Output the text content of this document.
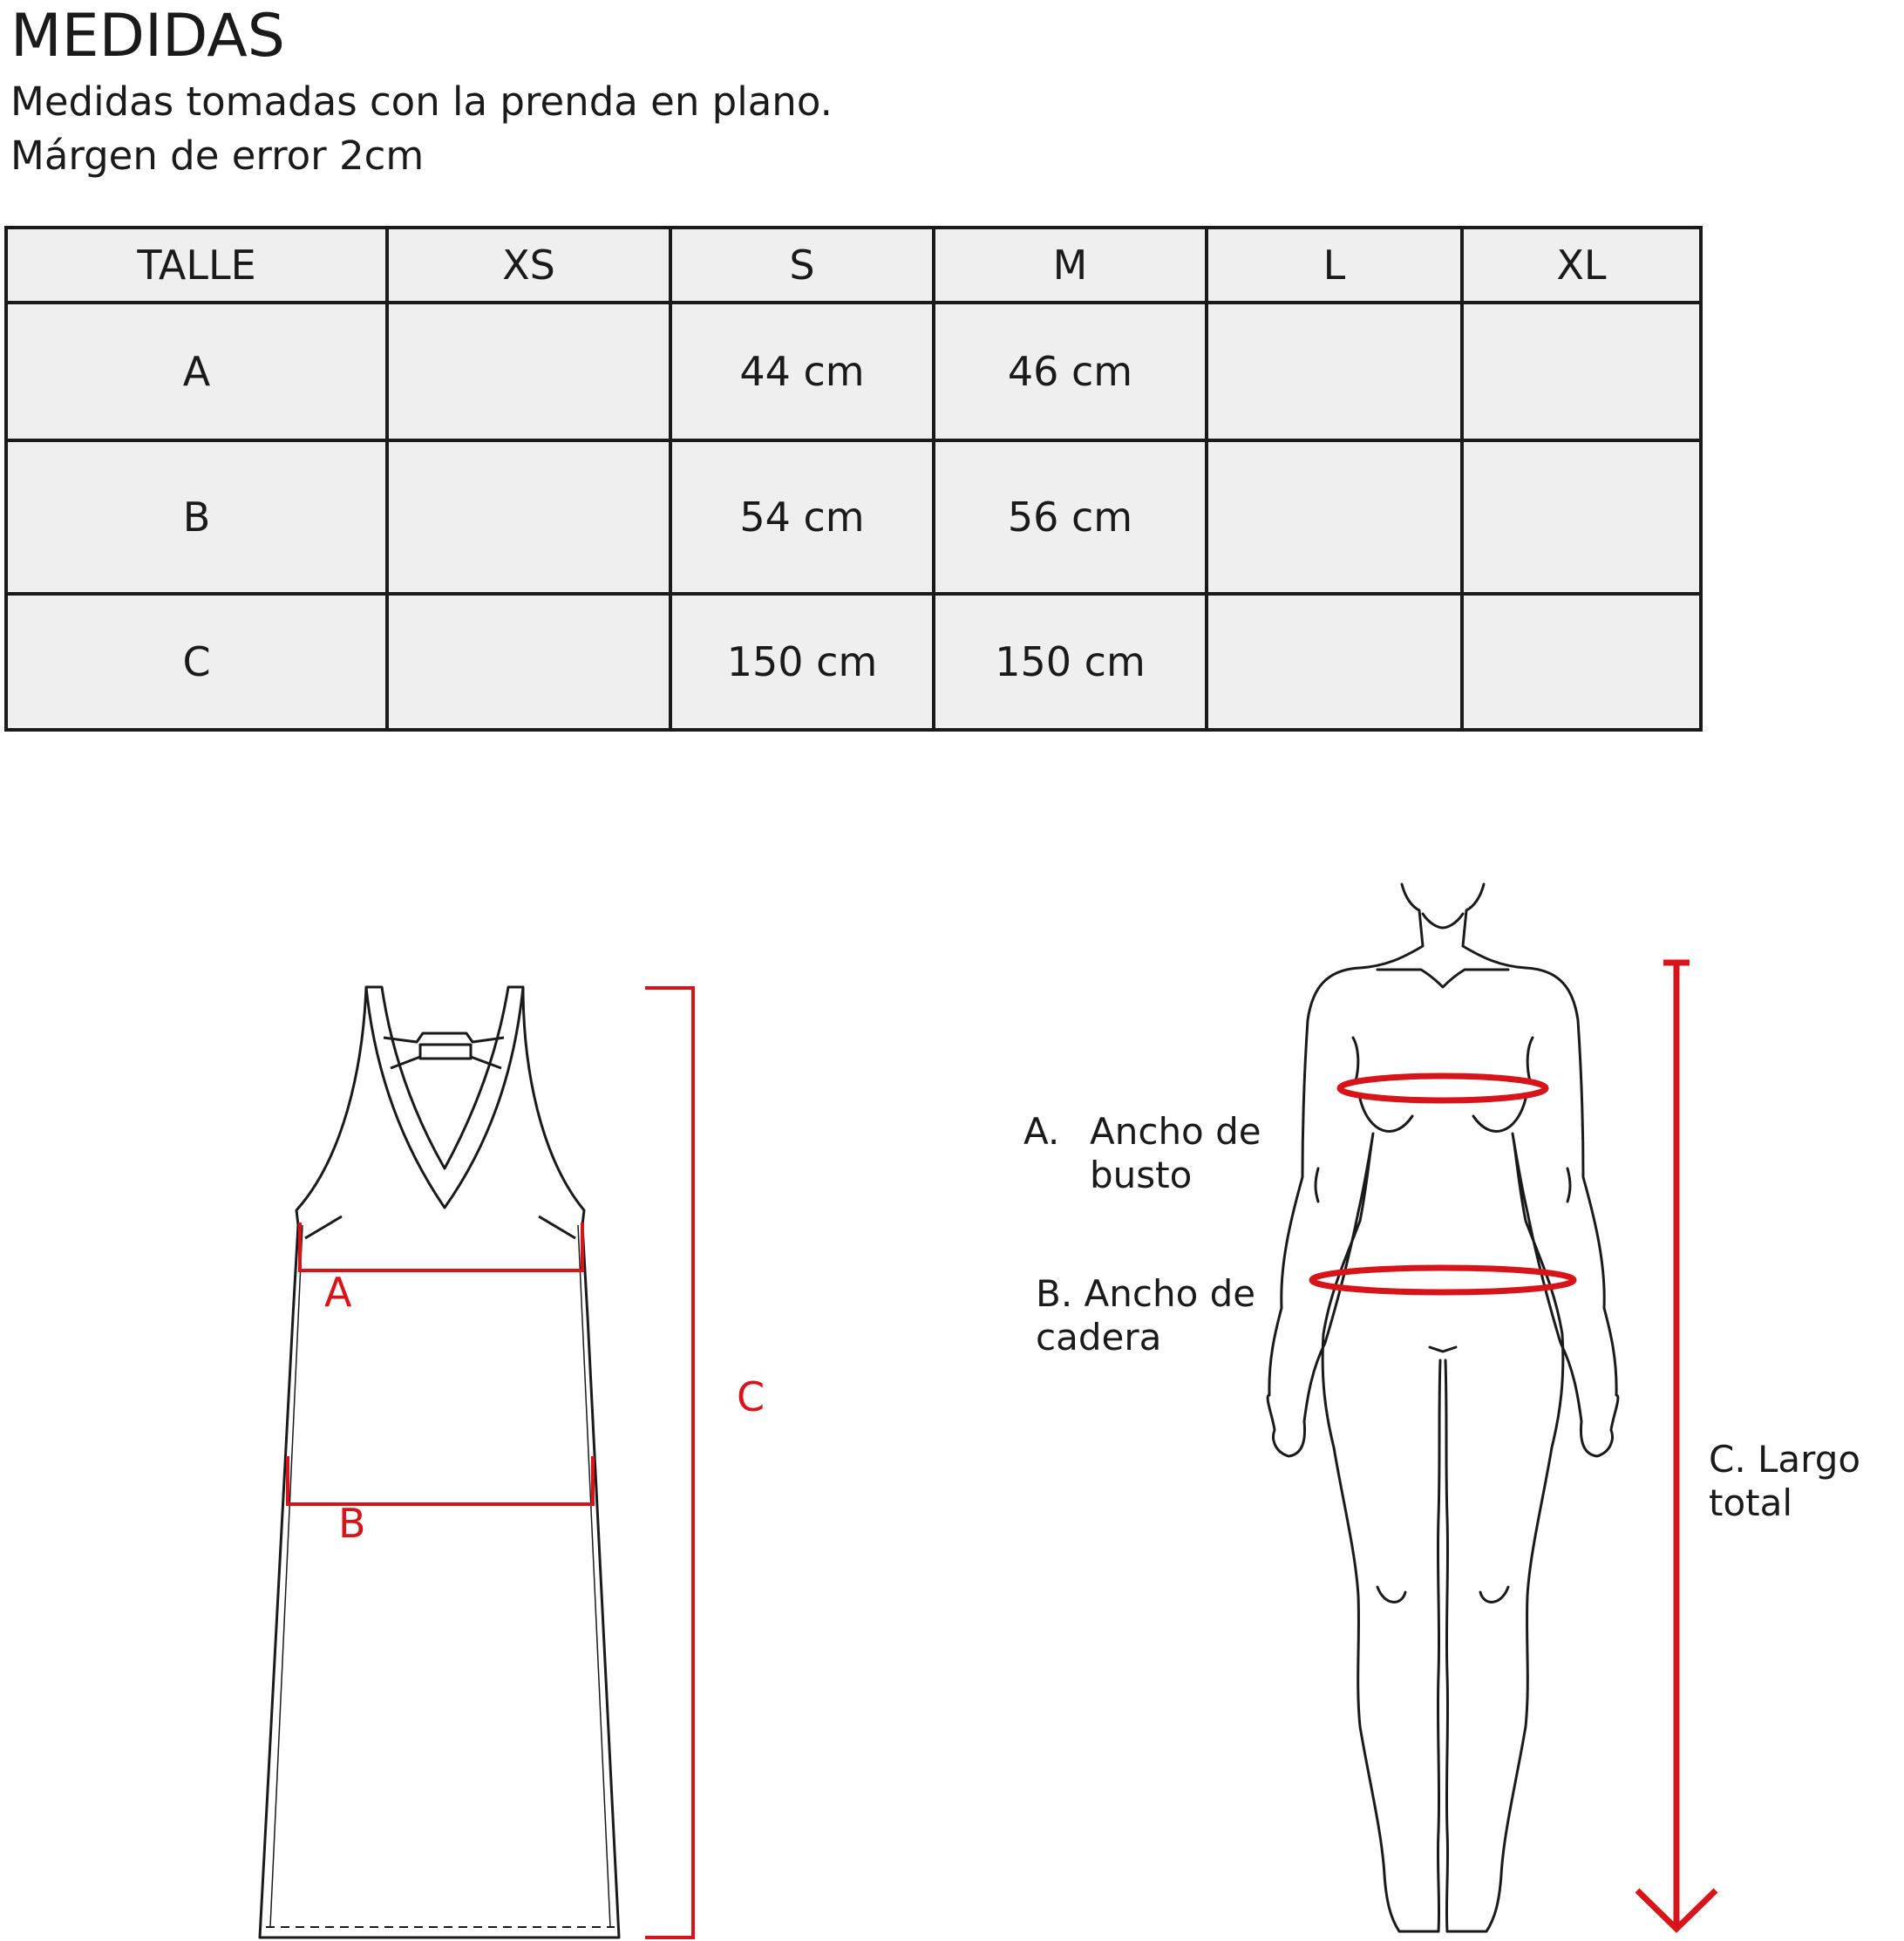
MEDIDAS
Medidas tomadas con la prenda en plano.
Márgen de error 2cm
TALLE	XS	S	M	L	XL
A		44 cm	46 cm		
B		54 cm	56 cm		
C		150 cm	150 cm		
A
B
C
A. Ancho de
busto
B. Ancho de
cadera
C. Largo
total
